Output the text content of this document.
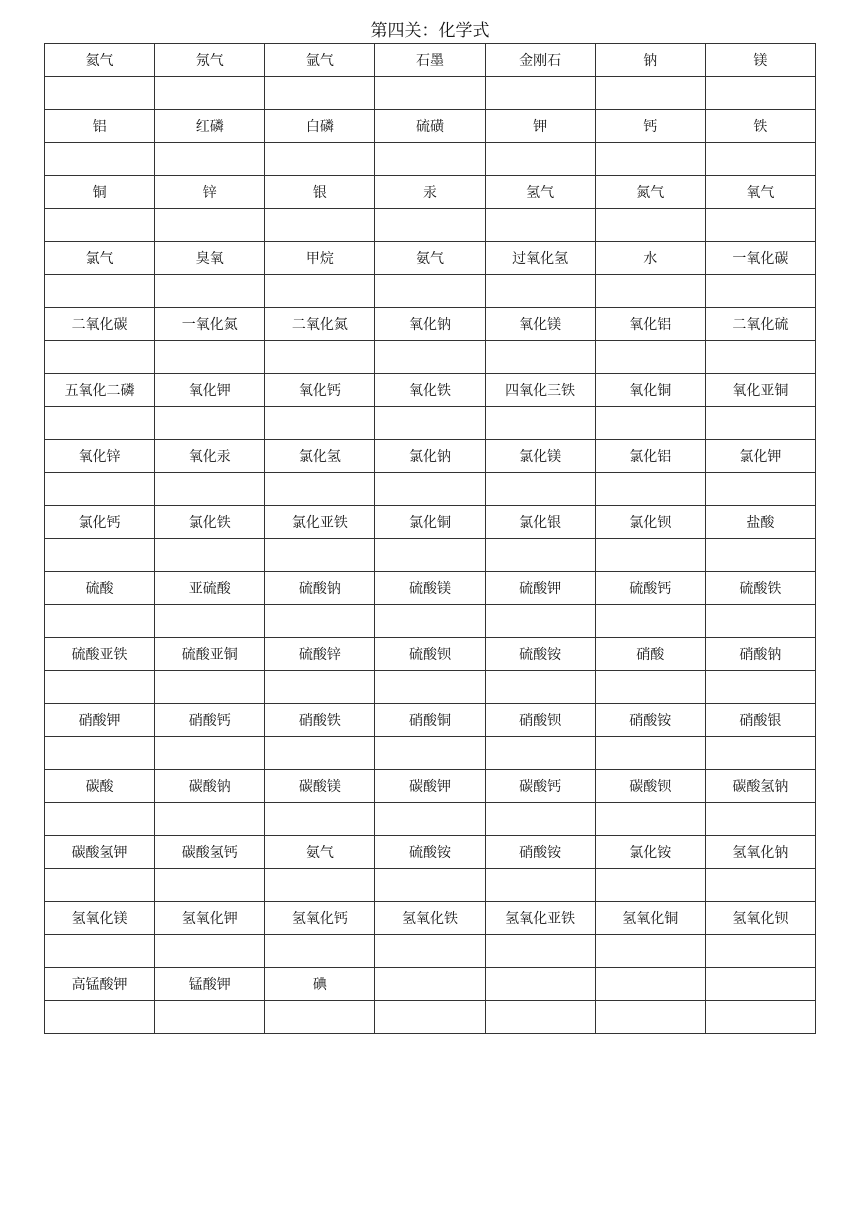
第四关：化学式
氦气	氖气	氩气	石墨	金刚石	钠	镁

铝	红磷	白磷	硫磺	钾	钙	铁

铜	锌	银	汞	氢气	氮气	氧气

氯气	臭氧	甲烷	氨气	过氧化氢	水	一氧化碳

二氧化碳	一氧化氮	二氧化氮	氧化钠	氧化镁	氧化铝	二氧化硫

五氧化二磷	氧化钾	氧化钙	氧化铁	四氧化三铁	氧化铜	氧化亚铜

氧化锌	氧化汞	氯化氢	氯化钠	氯化镁	氯化铝	氯化钾

氯化钙	氯化铁	氯化亚铁	氯化铜	氯化银	氯化钡	盐酸

硫酸	亚硫酸	硫酸钠	硫酸镁	硫酸钾	硫酸钙	硫酸铁

硫酸亚铁	硫酸亚铜	硫酸锌	硫酸钡	硫酸铵	硝酸	硝酸钠

硝酸钾	硝酸钙	硝酸铁	硝酸铜	硝酸钡	硝酸铵	硝酸银

碳酸	碳酸钠	碳酸镁	碳酸钾	碳酸钙	碳酸钡	碳酸氢钠

碳酸氢钾	碳酸氢钙	氨气	硫酸铵	硝酸铵	氯化铵	氢氧化钠

氢氧化镁	氢氧化钾	氢氧化钙	氢氧化铁	氢氧化亚铁	氢氧化铜	氢氧化钡

高锰酸钾	锰酸钾	碘				
